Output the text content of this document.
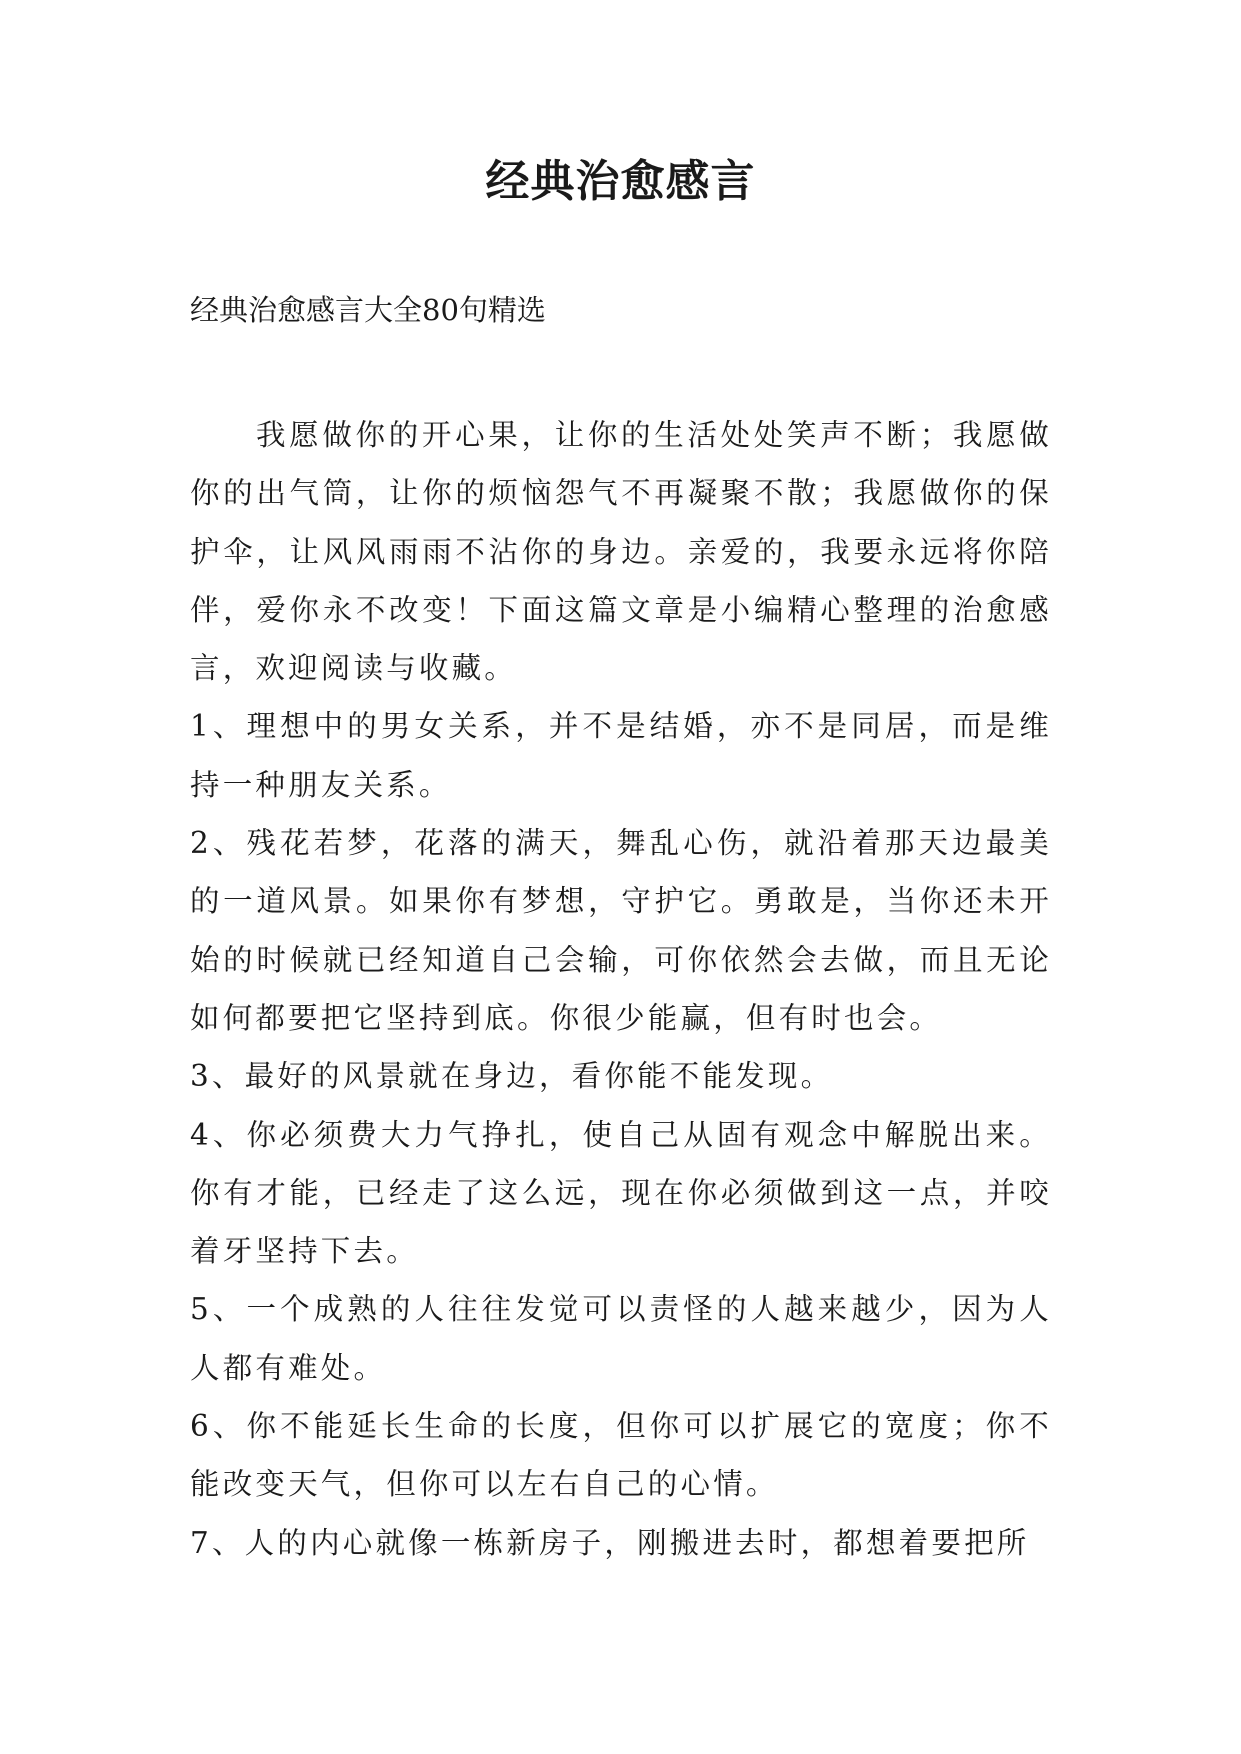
经典治愈感言
经典治愈感言大全80句精选

我愿做你的开心果，让你的生活处处笑声不断；我愿做你的出气筒，让你的烦恼怨气不再凝聚不散；我愿做你的保护伞，让风风雨雨不沾你的身边。亲爱的，我要永远将你陪伴，爱你永不改变！下面这篇文章是小编精心整理的治愈感言，欢迎阅读与收藏。

1、理想中的男女关系，并不是结婚，亦不是同居，而是维持一种朋友关系。

2、残花若梦，花落的满天，舞乱心伤，就沿着那天边最美的一道风景。如果你有梦想，守护它。勇敢是，当你还未开始的时候就已经知道自己会输，可你依然会去做，而且无论如何都要把它坚持到底。你很少能赢，但有时也会。

3、最好的风景就在身边，看你能不能发现。

4、你必须费大力气挣扎，使自己从固有观念中解脱出来。你有才能，已经走了这么远，现在你必须做到这一点，并咬着牙坚持下去。

5、一个成熟的人往往发觉可以责怪的人越来越少，因为人人都有难处。

6、你不能延长生命的长度，但你可以扩展它的宽度；你不能改变天气，但你可以左右自己的心情。

7、人的内心就像一栋新房子，刚搬进去时，都想着要把所
